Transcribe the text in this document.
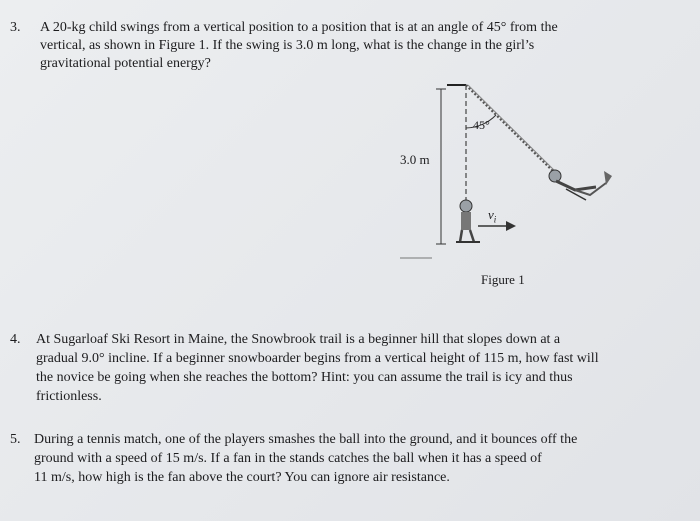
3. A 20-kg child swings from a vertical position to a position that is at an angle of 45° from the
vertical, as shown in Figure 1. If the swing is 3.0 m long, what is the change in the girl’s
gravitational potential energy?
45°
3.0 m
$v_i$
Figure 1
4. At Sugarloaf Ski Resort in Maine, the Snowbrook trail is a beginner hill that slopes down at a
gradual 9.0° incline. If a beginner snowboarder begins from a vertical height of 115 m, how fast will
the novice be going when she reaches the bottom? Hint: you can assume the trail is icy and thus
frictionless.
5. During a tennis match, one of the players smashes the ball into the ground, and it bounces off the
ground with a speed of 15 m/s. If a fan in the stands catches the ball when it has a speed of
11 m/s, how high is the fan above the court? You can ignore air resistance.
